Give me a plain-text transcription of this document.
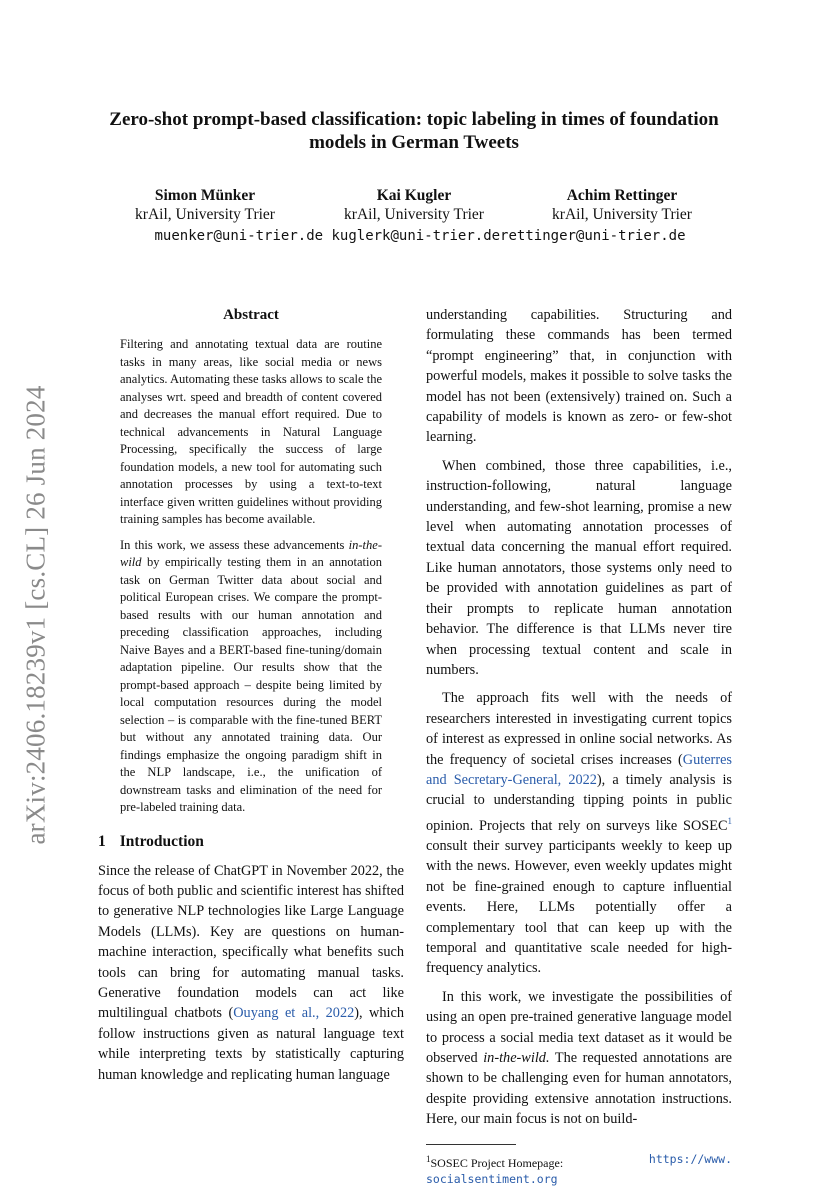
arXiv:2406.18239v1 [cs.CL] 26 Jun 2024
Zero-shot prompt-based classification: topic labeling in times of foundation
models in German Tweets
Simon Münker
krAil, University Trier
Kai Kugler
krAil, University Trier
Achim Rettinger
krAil, University Trier
muenker@uni-trier.de kuglerk@uni-trier.derettinger@uni-trier.de
Abstract

Filtering and annotating textual data are routine tasks in many areas, like social media or news analytics. Automating these tasks allows to scale the analyses wrt. speed and breadth of content covered and decreases the manual effort required. Due to technical advancements in Natural Language Processing, specifically the success of large foundation models, a new tool for automating such annotation processes by using a text-to-text interface given written guidelines without providing training samples has become available.

In this work, we assess these advancements in-the-wild by empirically testing them in an annotation task on German Twitter data about social and political European crises. We compare the prompt-based results with our human annotation and preceding classification approaches, including Naive Bayes and a BERT-based fine-tuning/domain adaptation pipeline. Our results show that the prompt-based approach – despite being limited by local computation resources during the model selection – is comparable with the fine-tuned BERT but without any annotated training data. Our findings emphasize the ongoing paradigm shift in the NLP landscape, i.e., the unification of downstream tasks and elimination of the need for pre-labeled training data.

1 Introduction

Since the release of ChatGPT in November 2022, the focus of both public and scientific interest has shifted to generative NLP technologies like Large Language Models (LLMs). Key are questions on human-machine interaction, specifically what benefits such tools can bring for automating manual tasks. Generative foundation models can act like multilingual chatbots (Ouyang et al., 2022), which follow instructions given as natural language text while interpreting texts by statistically capturing human knowledge and replicating human language

understanding capabilities. Structuring and formulating these commands has been termed “prompt engineering” that, in conjunction with powerful models, makes it possible to solve tasks the model has not been (extensively) trained on. Such a capability of models is known as zero- or few-shot learning.

When combined, those three capabilities, i.e., instruction-following, natural language understanding, and few-shot learning, promise a new level when automating annotation processes of textual data concerning the manual effort required. Like human annotators, those systems only need to be provided with annotation guidelines as part of their prompts to replicate human annotation behavior. The difference is that LLMs never tire when processing textual content and scale in numbers.

The approach fits well with the needs of researchers interested in investigating current topics of interest as expressed in online social networks. As the frequency of societal crises increases (Guterres and Secretary-General, 2022), a timely analysis is crucial to understanding tipping points in public opinion. Projects that rely on surveys like SOSEC$^1$ consult their survey participants weekly to keep up with the news. However, even weekly updates might not be fine-grained enough to capture influential events. Here, LLMs potentially offer a complementary tool that can keep up with the temporal and quantitative scale needed for high-frequency analytics.

In this work, we investigate the possibilities of using an open pre-trained generative language model to process a social media text dataset as it would be observed in-the-wild. The requested annotations are shown to be challenging even for human annotators, despite providing extensive annotation instructions. Here, our main focus is not on build-

$^1$SOSEC Project Homepage:	https://www.

socialsentiment.org
